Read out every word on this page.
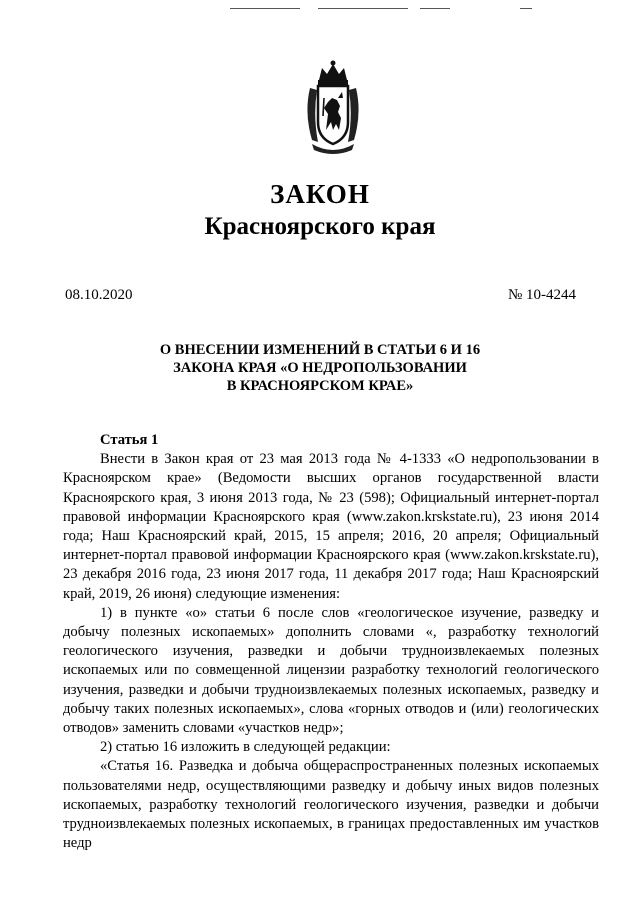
ЗАКОН
Красноярского края
08.10.2020	№ 10-4244
О ВНЕСЕНИИ ИЗМЕНЕНИЙ В СТАТЬИ 6 И 16
ЗАКОНА КРАЯ «О НЕДРОПОЛЬЗОВАНИИ
В КРАСНОЯРСКОМ КРАЕ»

Статья 1

Внести в Закон края от 23 мая 2013 года № 4-1333 «О недропользовании в Красноярском крае» (Ведомости высших органов государственной власти Красноярского края, 3 июня 2013 года, № 23 (598); Официальный интернет-портал правовой информации Красноярского края (www.zakon.krskstate.ru), 23 июня 2014 года; Наш Красноярский край, 2015, 15 апреля; 2016, 20 апреля; Официальный интернет-портал правовой информации Красноярского края (www.zakon.krskstate.ru), 23 декабря 2016 года, 23 июня 2017 года, 11 декабря 2017 года; Наш Красноярский край, 2019, 26 июня) следующие изменения:

1) в пункте «о» статьи 6 после слов «геологическое изучение, разведку и добычу полезных ископаемых» дополнить словами «, разработку технологий геологического изучения, разведки и добычи трудноизвлекаемых полезных ископаемых или по совмещенной лицензии разработку технологий геологического изучения, разведки и добычи трудноизвлекаемых полезных ископаемых, разведку и добычу таких полезных ископаемых», слова «горных отводов и (или) геологических отводов» заменить словами «участков недр»;

2) статью 16 изложить в следующей редакции:

«Статья 16. Разведка и добыча общераспространенных полезных ископаемых пользователями недр, осуществляющими разведку и добычу иных видов полезных ископаемых, разработку технологий геологического изучения, разведки и добычи трудноизвлекаемых полезных ископаемых, в границах предоставленных им участков недр
